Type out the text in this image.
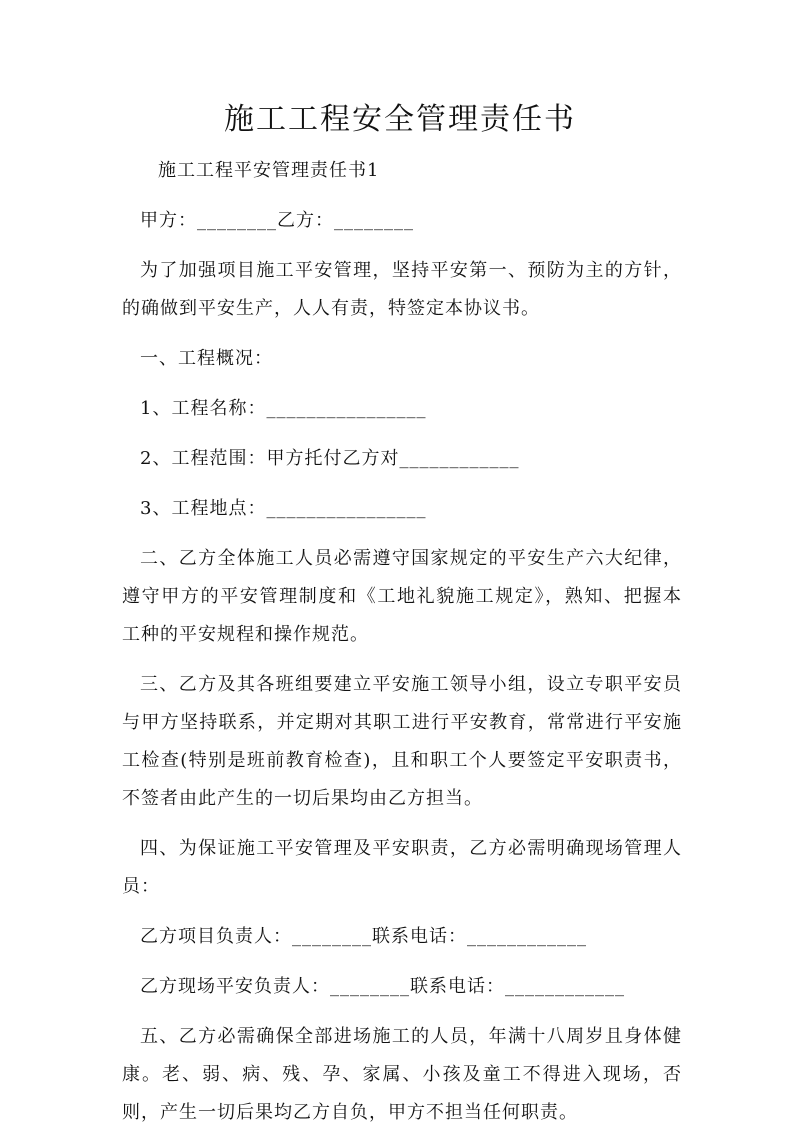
施工工程安全管理责任书

施工工程平安管理责任书1

甲方：________乙方：________

为了加强项目施工平安管理，坚持平安第一、预防为主的方针，的确做到平安生产，人人有责，特签定本协议书。

一、工程概况：

1、工程名称：________________

2、工程范围：甲方托付乙方对____________

3、工程地点：________________

二、乙方全体施工人员必需遵守国家规定的平安生产六大纪律，遵守甲方的平安管理制度和《工地礼貌施工规定》，熟知、把握本工种的平安规程和操作规范。

三、乙方及其各班组要建立平安施工领导小组，设立专职平安员与甲方坚持联系，并定期对其职工进行平安教育，常常进行平安施工检查(特别是班前教育检查)，且和职工个人要签定平安职责书，不签者由此产生的一切后果均由乙方担当。

四、为保证施工平安管理及平安职责，乙方必需明确现场管理人员：

乙方项目负责人：________联系电话：____________

乙方现场平安负责人：________联系电话：____________

五、乙方必需确保全部进场施工的人员，年满十八周岁且身体健康。老、弱、病、残、孕、家属、小孩及童工不得进入现场，否则，产生一切后果均乙方自负，甲方不担当任何职责。
